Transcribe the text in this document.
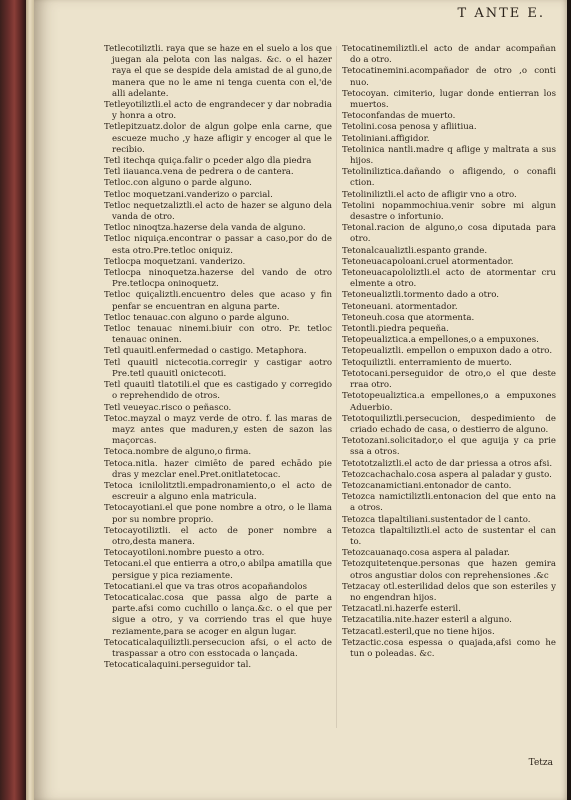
T ANTE E.

Tetlecotiliztli. raya que se haze en el suelo a los que juegan ala pelota con las nalgas. &c. o el hazer raya el que se despide dela amistad de al guno,de manera que no le ame ni tenga cuenta con el,'de alli adelante.

Tetleyotiliztli.el acto de engrandecer y dar nobradia y honra a otro.

Tetlepitzuatz.dolor de algun golpe enla carne, que escueze mucho ,y haze afligir y encoger al que le recibio.

Tetl itechqa quiça.falir o pceder algo dla piedra

Tetl iiauanca.vena de pedrera o de cantera.

Tetloc.con alguno o parde alguno.

Tetloc moquetzani.vanderizo o parcial.

Tetloc nequetzaliztli.el acto de hazer se alguno dela vanda de otro.

Tetloc ninoqtza.hazerse dela vanda de alguno.

Tetloc niquiça.encontrar o passar a caso,por do de esta otro.Pre.tetloc oniquiz.

Tetlocpa moquetzani. vanderizo.

Tetlocpa ninoquetza.hazerse del vando de otro Pre.tetlocpa oninoquetz.

Tetloc quiçaliztli.encuentro deles que acaso y fin penfar se encuentran en alguna parte.

Tetloc tenauac.con alguno o parde alguno.

Tetloc tenauac ninemi.biuir con otro. Pr. tetloc tenauac oninen.

Tetl quauitl.enfermedad o castigo. Metaphora.

Tetl quauitl nictecotia.corregir y castigar aotro Pre.tetl quauitl onictecoti.

Tetl quauitl tlatotili.el que es castigado y corregido o reprehendido de otros.

Tetl veueyac.risco o peñasco.

Tetoc.mayzal o mayz verde de otro. f. las maras de mayz antes que maduren,y esten de sazon las maçorcas.

Tetoca.nombre de alguno,o firma.

Tetoca.nitla. hazer cimiēto de pared echādo pie dras y mezclar enel.Pret.onitlatetocac.

Tetoca icnilolitztli.empadronamiento,o el acto de escreuir a alguno enla matricula.

Tetocayotiani.el que pone nombre a otro, o le llama por su nombre proprio.

Tetocayotiliztli. el acto de poner nombre a otro,desta manera.

Tetocayotiloni.nombre puesto a otro.

Tetocani.el que entierra a otro,o abilpa amatilla que persigue y pica reziamente.

Tetocatiani.el que va tras otros acopañandolos

Tetocaticalac.cosa que passa algo de parte a parte.afsi como cuchillo o lança.&c. o el que per sigue a otro, y va corriendo tras el que huye reziamente,para se acoger en algun lugar.

Tetocaticalaquiliztli.persecucion afsi, o el acto de traspassar a otro con esstocada o lançada.

Tetocaticalaquini.perseguidor tal.

Tetocatinemiliztli.el acto de andar acompañan do a otro.

Tetocatinemini.acompañador de otro ,o conti nuo.

Tetocoyan. cimiterio, lugar donde entierran los muertos.

Tetoconfandas de muerto.

Tetolini.cosa penosa y afliitiua.

Tetoliniani.affigidor.

Tetolinica nantli.madre q aflige y maltrata a sus hijos.

Tetoliniliztica.dañando o afligendo, o conafli ction.

Tetoliniliztli.el acto de afligir vno a otro.

Tetolini nopammochiua.venir sobre mi algun desastre o infortunio.

Tetonal.racion de alguno,o cosa diputada para otro.

Tetonalcaualiztli.espanto grande.

Tetoneuacapoloani.cruel atormentador.

Tetoneuacapololiztli.el acto de atormentar cru elmente a otro.

Tetoneualiztli.tormento dado a otro.

Tetoneuani. atormentador.

Tetoneuh.cosa que atormenta.

Tetontli.piedra pequeña.

Tetopeualiztica.a empellones,o a empuxones.

Tetopeualiztli. empellon o empuxon dado a otro.

Tetoquiliztli. enterramiento de muerto.

Tetotocani.perseguidor de otro,o el que deste rraa otro.

Tetotopeualiztica.a empellones,o a empuxones Aduerbio.

Tetotoquiliztli.persecucion, despedimiento de criado echado de casa, o destierro de alguno.

Tetotozani.solicitador,o el que aguija y ca prie ssa a otros.

Tetototzaliztli.el acto de dar priessa a otros afsi.

Tetozcachachalo.cosa aspera al paladar y gusto.

Tetozcanamictiani.entonador de canto.

Tetozca namictiliztli.entonacion del que ento na a otros.

Tetozca tlapaltiliani.sustentador de l canto.

Tetozca tlapaltiliztli.el acto de sustentar el can to.

Tetozcauanaqo.cosa aspera al paladar.

Tetozquitetenque.personas que hazen gemira otros angustiar dolos con reprehensiones .&c

Tetzacay otl.esterilidad delos que son esteriles y no engendran hijos.

Tetzacatl.ni.hazerfe esteril.

Tetzacatilia.nite.hazer esteril a alguno.

Tetzacatl.esteril,que no tiene hijos.

Tetzactic.cosa espessa o quajada,afsi como he tun o poleadas. &c.

Tetza
